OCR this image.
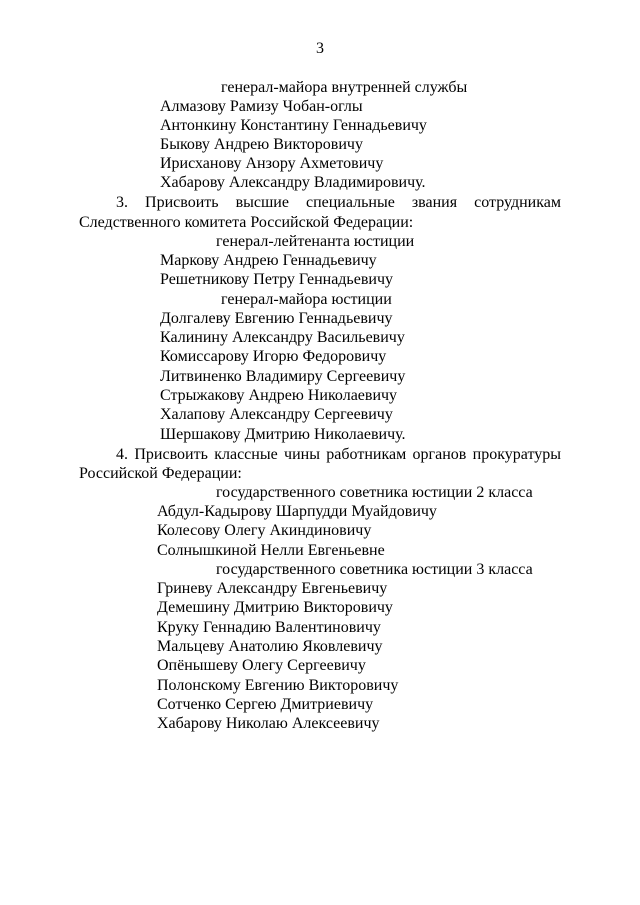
3
генерал-майора внутренней службы
Алмазову Рамизу Чобан-оглы
Антонкину Константину Геннадьевичу
Быкову Андрею Викторовичу
Ирисханову Анзору Ахметовичу
Хабарову Александру Владимировичу.
3. Присвоить высшие специальные звания сотрудникам
Следственного комитета Российской Федерации:
генерал-лейтенанта юстиции
Маркову Андрею Геннадьевичу
Решетникову Петру Геннадьевичу
генерал-майора юстиции
Долгалеву Евгению Геннадьевичу
Калинину Александру Васильевичу
Комиссарову Игорю Федоровичу
Литвиненко Владимиру Сергеевичу
Стрыжакову Андрею Николаевичу
Халапову Александру Сергеевичу
Шершакову Дмитрию Николаевичу.
4. Присвоить классные чины работникам органов прокуратуры
Российской Федерации:
государственного советника юстиции 2 класса
Абдул-Кадырову Шарпудди Муайдовичу
Колесову Олегу Акиндиновичу
Солнышкиной Нелли Евгеньевне
государственного советника юстиции 3 класса
Гриневу Александру Евгеньевичу
Демешину Дмитрию Викторовичу
Круку Геннадию Валентиновичу
Мальцеву Анатолию Яковлевичу
Опёнышеву Олегу Сергеевичу
Полонскому Евгению Викторовичу
Сотченко Сергею Дмитриевичу
Хабарову Николаю Алексеевичу
